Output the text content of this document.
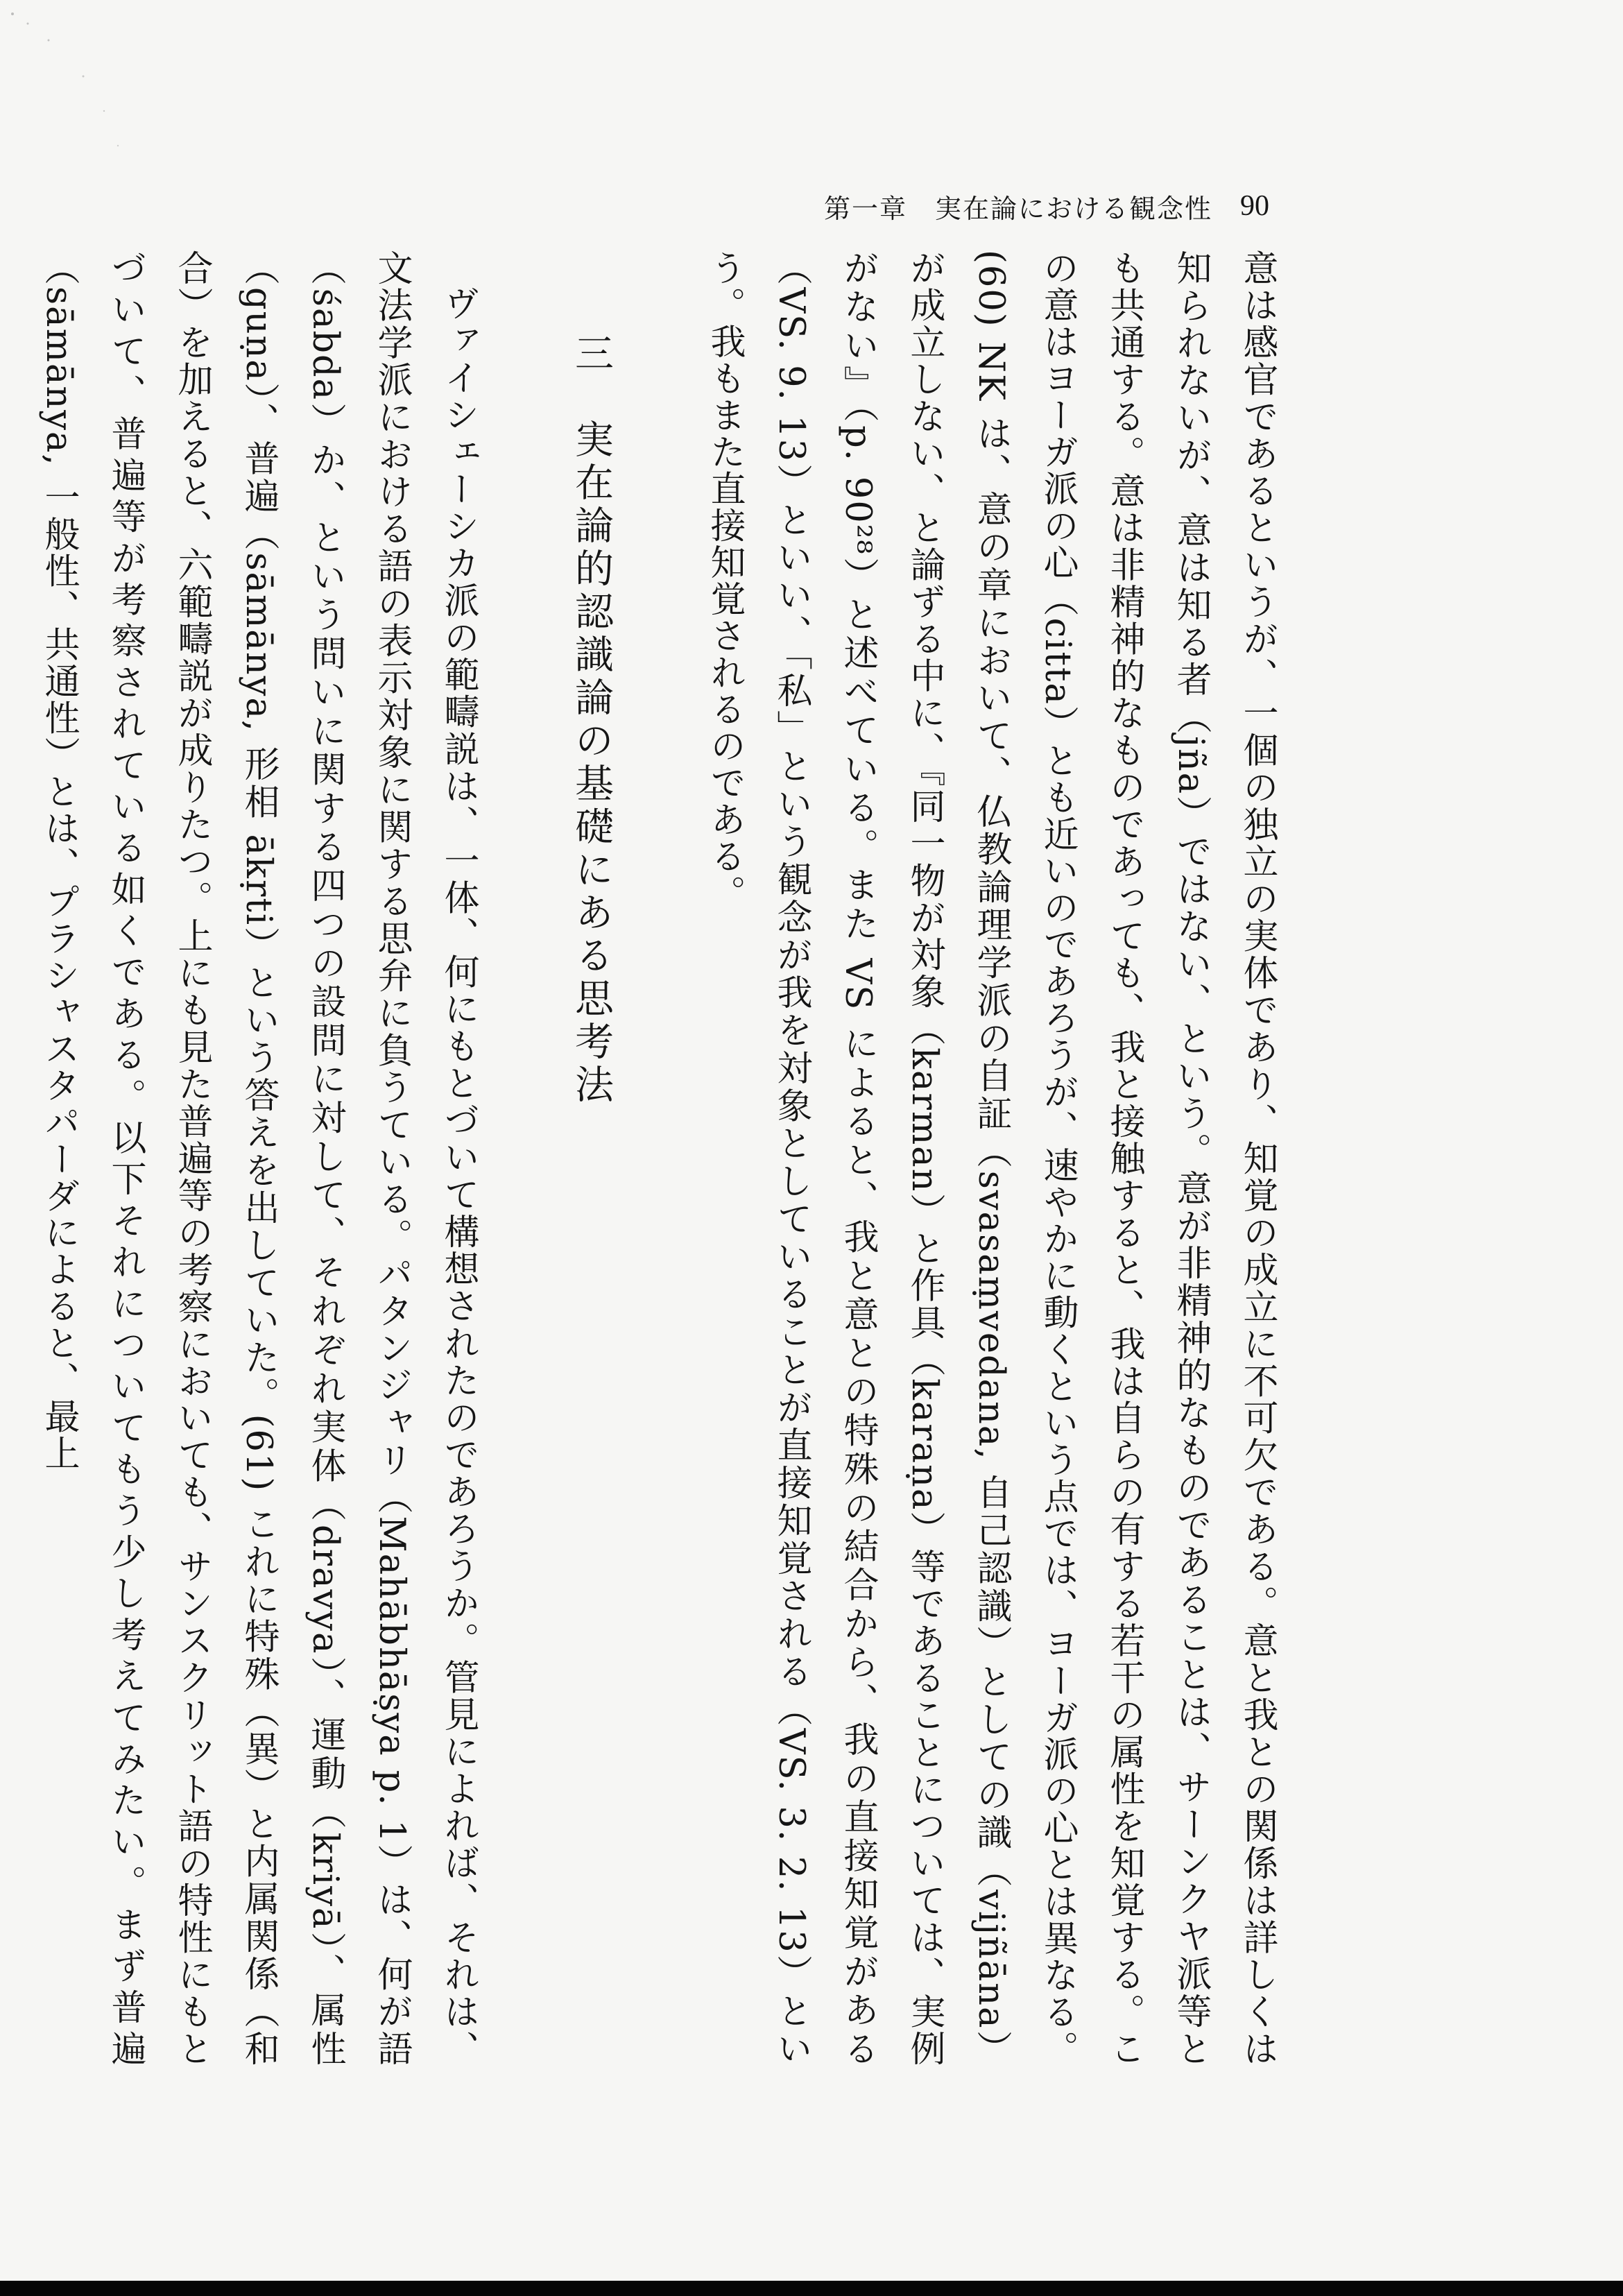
第一章　実在論における観念性 90

意は感官であるというが、一個の独立の実体であり、知覚の成立に不可欠である。意と我との関係は詳しくは知られないが、意は知る者（jña）ではない、という。意が非精神的なものであることは、サーンクヤ派等とも共通する。意は非精神的なものであっても、我と接触すると、我は自らの有する若干の属性を知覚する。この意はヨーガ派の心（citta）とも近いのであろうが、速やかに動くという点では、ヨーガ派の心とは異なる。(60) NK は、意の章において、仏教論理学派の自証（svasaṃvedana, 自己認識）としての識（vijñāna）が成立しない、と論ずる中に、『同一物が対象（karman）と作具（karaṇa）等であることについては、実例がない』（p. 90²⁸）と述べている。また VS によると、我と意との特殊の結合から、我の直接知覚がある（VS. 9. 13）といい、「私」という観念が我を対象としていることが直接知覚される（VS. 3. 2. 13）という。我もまた直接知覚されるのである。

三　実在論的認識論の基礎にある思考法

ヴァイシェーシカ派の範疇説は、一体、何にもとづいて構想されたのであろうか。管見によれば、それは、文法学派における語の表示対象に関する思弁に負うている。パタンジャリ（Mahābhāṣya p. 1）は、何が語（śabda）か、という問いに関する四つの設問に対して、それぞれ実体（dravya）、運動（kriyā）、属性（guṇa）、普遍（sāmānya, 形相 ākṛti）という答えを出していた。(61) これに特殊（異）と内属関係（和合）を加えると、六範疇説が成りたつ。上にも見た普遍等の考察においても、サンスクリット語の特性にもとづいて、普遍等が考察されている如くである。以下それについてもう少し考えてみたい。まず普遍（sāmānya, 一般性、共通性）とは、プラシャスタパーダによると、最上
